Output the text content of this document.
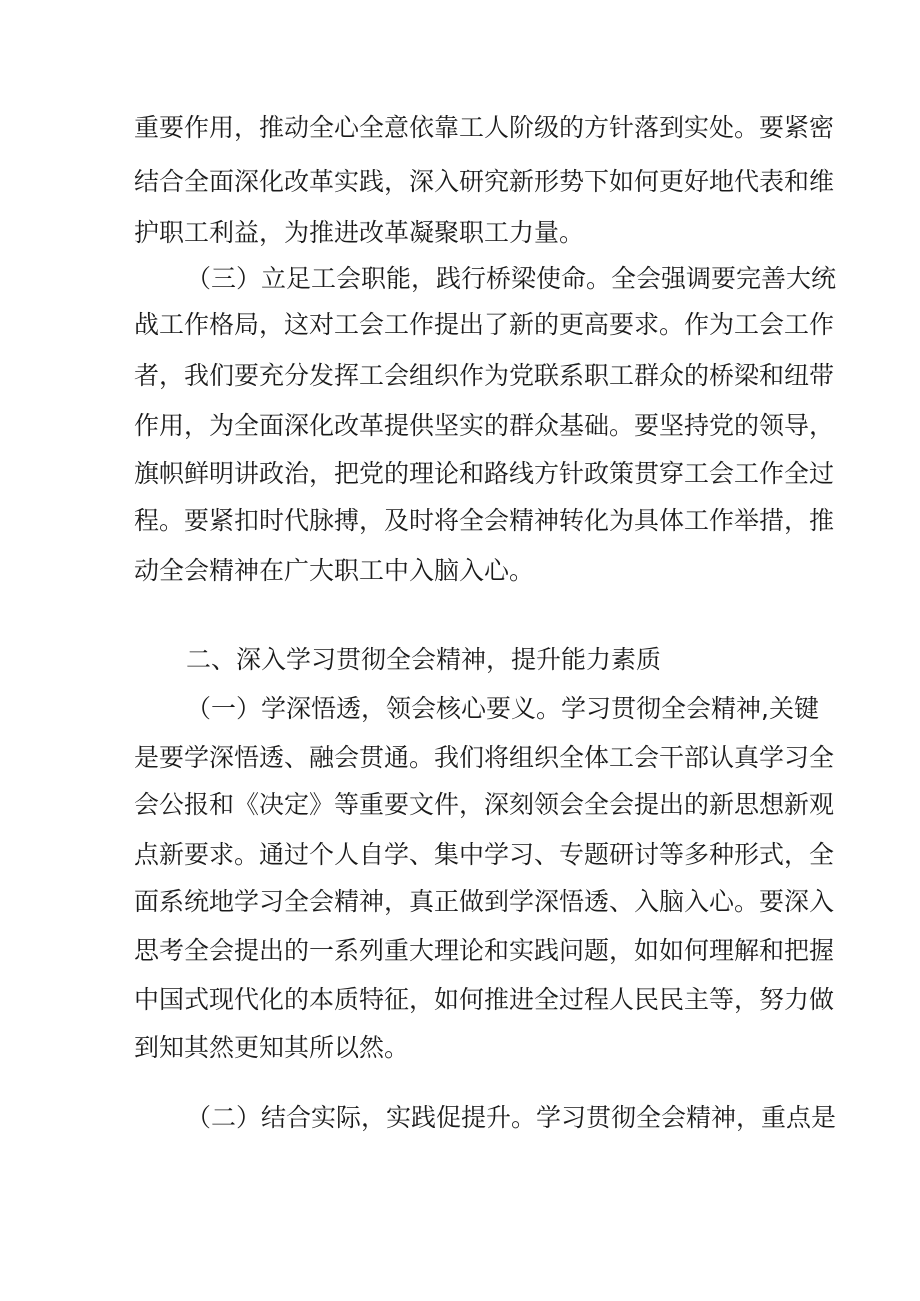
重要作用，推动全心全意依靠工人阶级的方针落到实处。要紧密
结合全面深化改革实践，深入研究新形势下如何更好地代表和维
护职工利益，为推进改革凝聚职工力量。
（三）立足工会职能，践行桥梁使命。全会强调要完善大统
战工作格局，这对工会工作提出了新的更高要求。作为工会工作
者，我们要充分发挥工会组织作为党联系职工群众的桥梁和纽带
作用，为全面深化改革提供坚实的群众基础。要坚持党的领导，
旗帜鲜明讲政治，把党的理论和路线方针政策贯穿工会工作全过
程。要紧扣时代脉搏，及时将全会精神转化为具体工作举措，推
动全会精神在广大职工中入脑入心。
二、深入学习贯彻全会精神，提升能力素质
（一）学深悟透，领会核心要义。学习贯彻全会精神,关键
是要学深悟透、融会贯通。我们将组织全体工会干部认真学习全
会公报和《决定》等重要文件，深刻领会全会提出的新思想新观
点新要求。通过个人自学、集中学习、专题研讨等多种形式，全
面系统地学习全会精神，真正做到学深悟透、入脑入心。要深入
思考全会提出的一系列重大理论和实践问题，如如何理解和把握
中国式现代化的本质特征，如何推进全过程人民民主等，努力做
到知其然更知其所以然。
（二）结合实际，实践促提升。学习贯彻全会精神，重点是
